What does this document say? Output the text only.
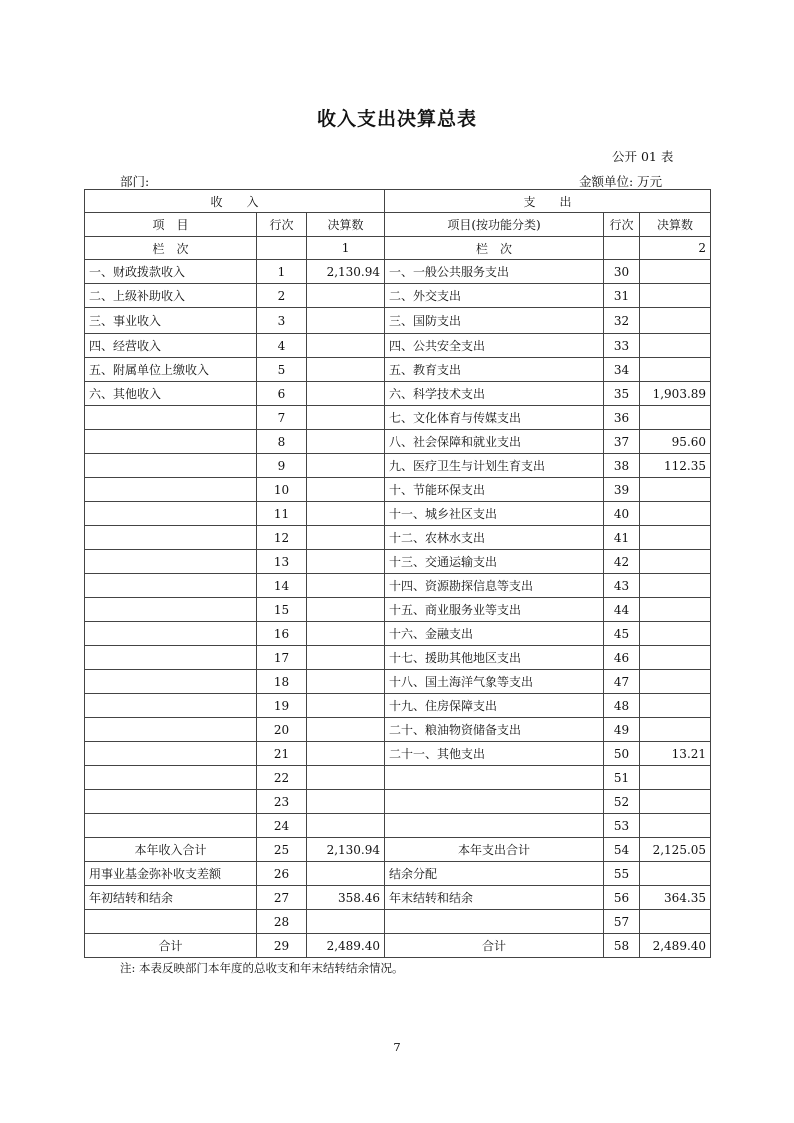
收入支出决算总表
公开 01 表
部门:	金额单位: 万元
收　　入			支　　出		
项　目	行次	决算数	项目(按功能分类)	行次	决算数
栏　次		1	栏　次		2
一、财政拨款收入	1	2,130.94	一、一般公共服务支出	30	
二、上级补助收入	2		二、外交支出	31	
三、事业收入	3		三、国防支出	32	
四、经营收入	4		四、公共安全支出	33	
五、附属单位上缴收入	5		五、教育支出	34	
六、其他收入	6		六、科学技术支出	35	1,903.89
	7		七、文化体育与传媒支出	36	
	8		八、社会保障和就业支出	37	95.60
	9		九、医疗卫生与计划生育支出	38	112.35
	10		十、节能环保支出	39	
	11		十一、城乡社区支出	40	
	12		十二、农林水支出	41	
	13		十三、交通运输支出	42	
	14		十四、资源勘探信息等支出	43	
	15		十五、商业服务业等支出	44	
	16		十六、金融支出	45	
	17		十七、援助其他地区支出	46	
	18		十八、国土海洋气象等支出	47	
	19		十九、住房保障支出	48	
	20		二十、粮油物资储备支出	49	
	21		二十一、其他支出	50	13.21
	22			51	
	23			52	
	24			53	
本年收入合计	25	2,130.94	本年支出合计	54	2,125.05
用事业基金弥补收支差额	26		结余分配	55	
年初结转和结余	27	358.46	年末结转和结余	56	364.35
	28			57	
合计	29	2,489.40	合计	58	2,489.40
注: 本表反映部门本年度的总收支和年末结转结余情况。
7
